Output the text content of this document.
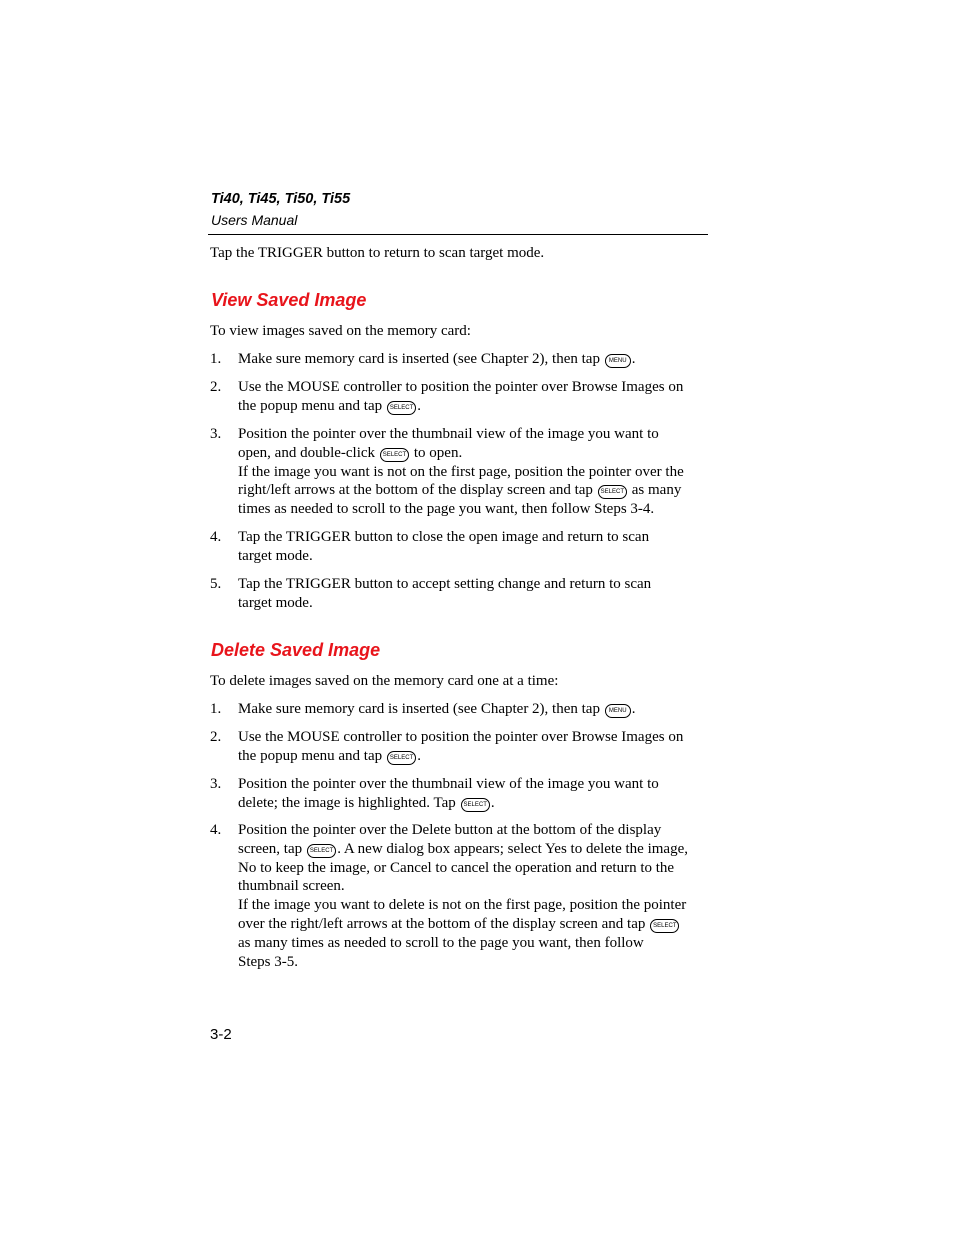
Ti40, Ti45, Ti50, Ti55
Users Manual
Tap the TRIGGER button to return to scan target mode.
View Saved Image
To view images saved on the memory card:
1. Make sure memory card is inserted (see Chapter 2), then tap MENU .
2. Use the MOUSE controller to position the pointer over Browse Images on
the popup menu and tap SELECT .
3. Position the pointer over the thumbnail view of the image you want to
open, and double-click SELECT to open.
If the image you want is not on the first page, position the pointer over the
right/left arrows at the bottom of the display screen and tap SELECT as many
times as needed to scroll to the page you want, then follow Steps 3-4.
4. Tap the TRIGGER button to close the open image and return to scan
target mode.
5. Tap the TRIGGER button to accept setting change and return to scan
target mode.
Delete Saved Image
To delete images saved on the memory card one at a time:
1. Make sure memory card is inserted (see Chapter 2), then tap MENU .
2. Use the MOUSE controller to position the pointer over Browse Images on
the popup menu and tap SELECT .
3. Position the pointer over the thumbnail view of the image you want to
delete; the image is highlighted. Tap SELECT .
4. Position the pointer over the Delete button at the bottom of the display
screen, tap SELECT . A new dialog box appears; select Yes to delete the image,
No to keep the image, or Cancel to cancel the operation and return to the
thumbnail screen.
If the image you want to delete is not on the first page, position the pointer
over the right/left arrows at the bottom of the display screen and tap SELECT
as many times as needed to scroll to the page you want, then follow
Steps 3-5.
3-2
